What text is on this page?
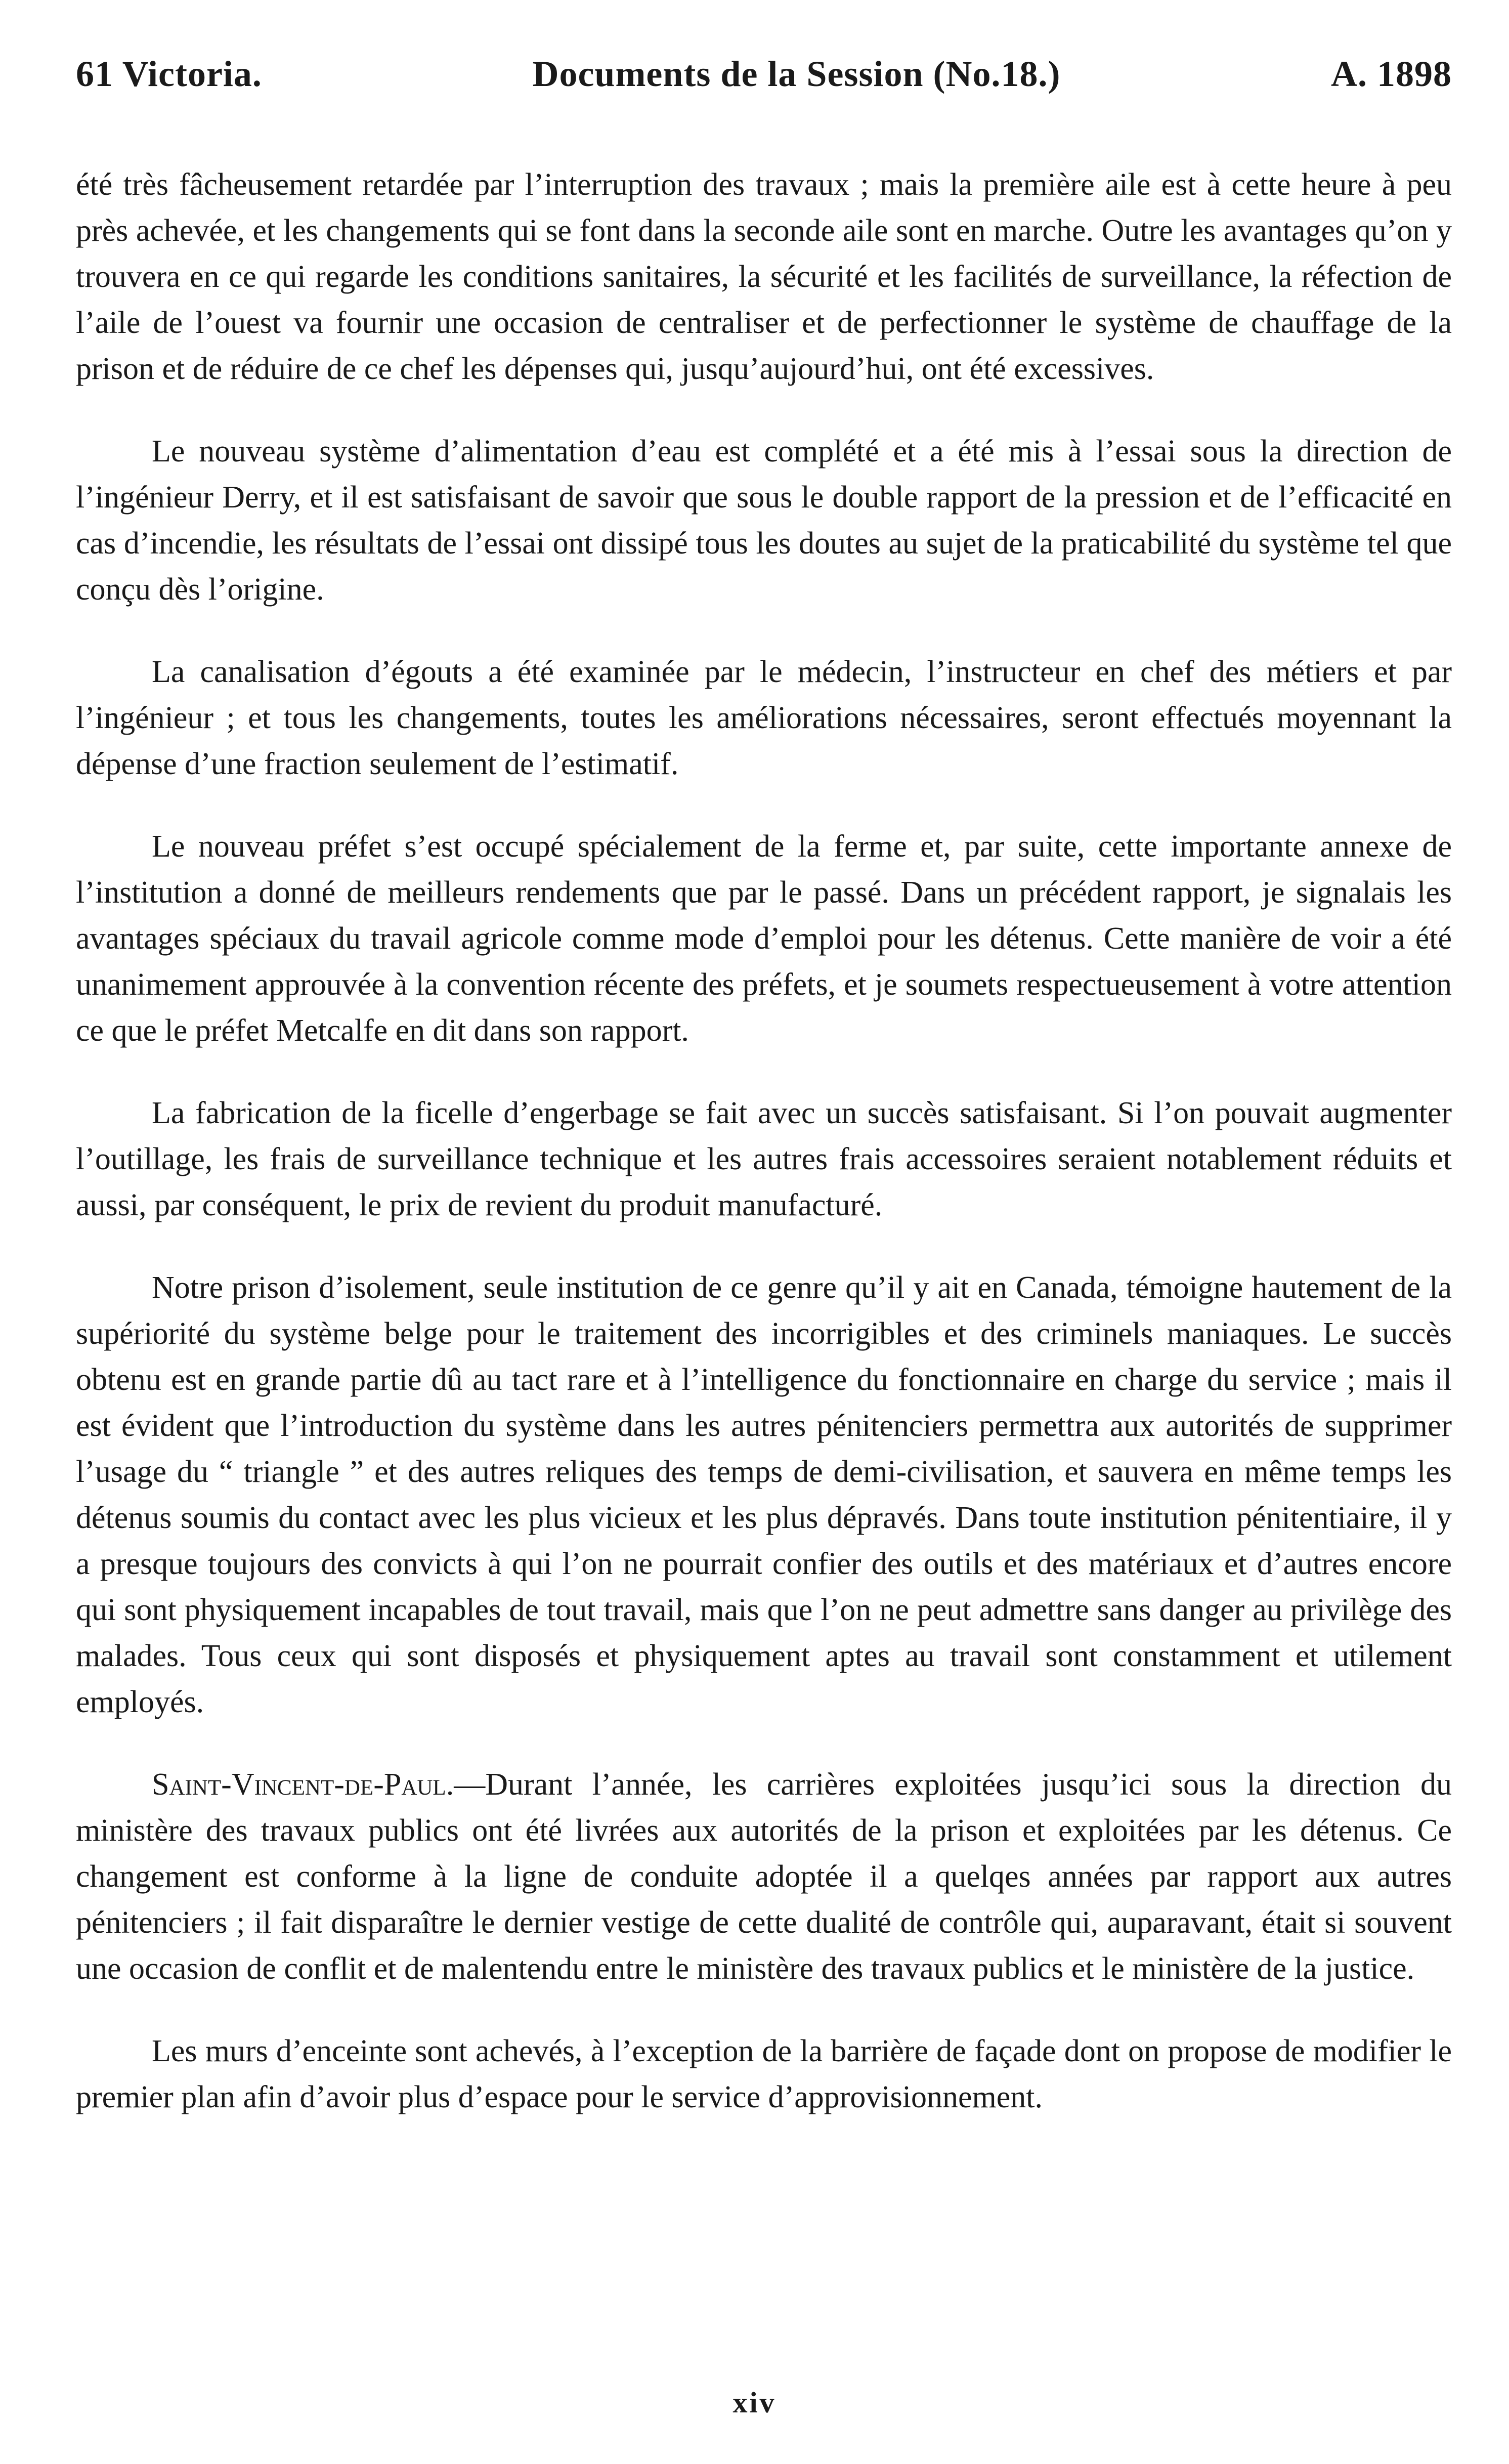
61 Victoria.	Documents de la Session (No.18.)	A. 1898

été très fâcheusement retardée par l’interruption des travaux ; mais la première aile est à cette heure à peu près achevée, et les changements qui se font dans la seconde aile sont en marche. Outre les avantages qu’on y trouvera en ce qui regarde les conditions sanitaires, la sécurité et les facilités de surveillance, la réfection de l’aile de l’ouest va fournir une occasion de centraliser et de perfectionner le système de chauffage de la prison et de réduire de ce chef les dépenses qui, jusqu’aujourd’hui, ont été excessives.

Le nouveau système d’alimentation d’eau est complété et a été mis à l’essai sous la direction de l’ingénieur Derry, et il est satisfaisant de savoir que sous le double rapport de la pression et de l’efficacité en cas d’incendie, les résultats de l’essai ont dissipé tous les doutes au sujet de la praticabilité du système tel que conçu dès l’origine.

La canalisation d’égouts a été examinée par le médecin, l’instructeur en chef des métiers et par l’ingénieur ; et tous les changements, toutes les améliorations nécessaires, seront effectués moyennant la dépense d’une fraction seulement de l’estimatif.

Le nouveau préfet s’est occupé spécialement de la ferme et, par suite, cette importante annexe de l’institution a donné de meilleurs rendements que par le passé. Dans un précédent rapport, je signalais les avantages spéciaux du travail agricole comme mode d’emploi pour les détenus. Cette manière de voir a été unanimement approuvée à la convention récente des préfets, et je soumets respectueusement à votre attention ce que le préfet Metcalfe en dit dans son rapport.

La fabrication de la ficelle d’engerbage se fait avec un succès satisfaisant. Si l’on pouvait augmenter l’outillage, les frais de surveillance technique et les autres frais accessoires seraient notablement réduits et aussi, par conséquent, le prix de revient du produit manufacturé.

Notre prison d’isolement, seule institution de ce genre qu’il y ait en Canada, témoigne hautement de la supériorité du système belge pour le traitement des incorrigibles et des criminels maniaques. Le succès obtenu est en grande partie dû au tact rare et à l’intelligence du fonctionnaire en charge du service ; mais il est évident que l’introduction du système dans les autres pénitenciers permettra aux autorités de supprimer l’usage du “ triangle ” et des autres reliques des temps de demi-civilisation, et sauvera en même temps les détenus soumis du contact avec les plus vicieux et les plus dépravés. Dans toute institution pénitentiaire, il y a presque toujours des convicts à qui l’on ne pourrait confier des outils et des matériaux et d’autres encore qui sont physiquement incapables de tout travail, mais que l’on ne peut admettre sans danger au privilège des malades. Tous ceux qui sont disposés et physiquement aptes au travail sont constamment et utilement employés.

Saint-Vincent-de-Paul.—Durant l’année, les carrières exploitées jusqu’ici sous la direction du ministère des travaux publics ont été livrées aux autorités de la prison et exploitées par les détenus. Ce changement est conforme à la ligne de conduite adoptée il a quelqes années par rapport aux autres pénitenciers ; il fait disparaître le dernier vestige de cette dualité de contrôle qui, auparavant, était si souvent une occasion de conflit et de malentendu entre le ministère des travaux publics et le ministère de la justice.

Les murs d’enceinte sont achevés, à l’exception de la barrière de façade dont on propose de modifier le premier plan afin d’avoir plus d’espace pour le service d’approvisionnement.

xiv
